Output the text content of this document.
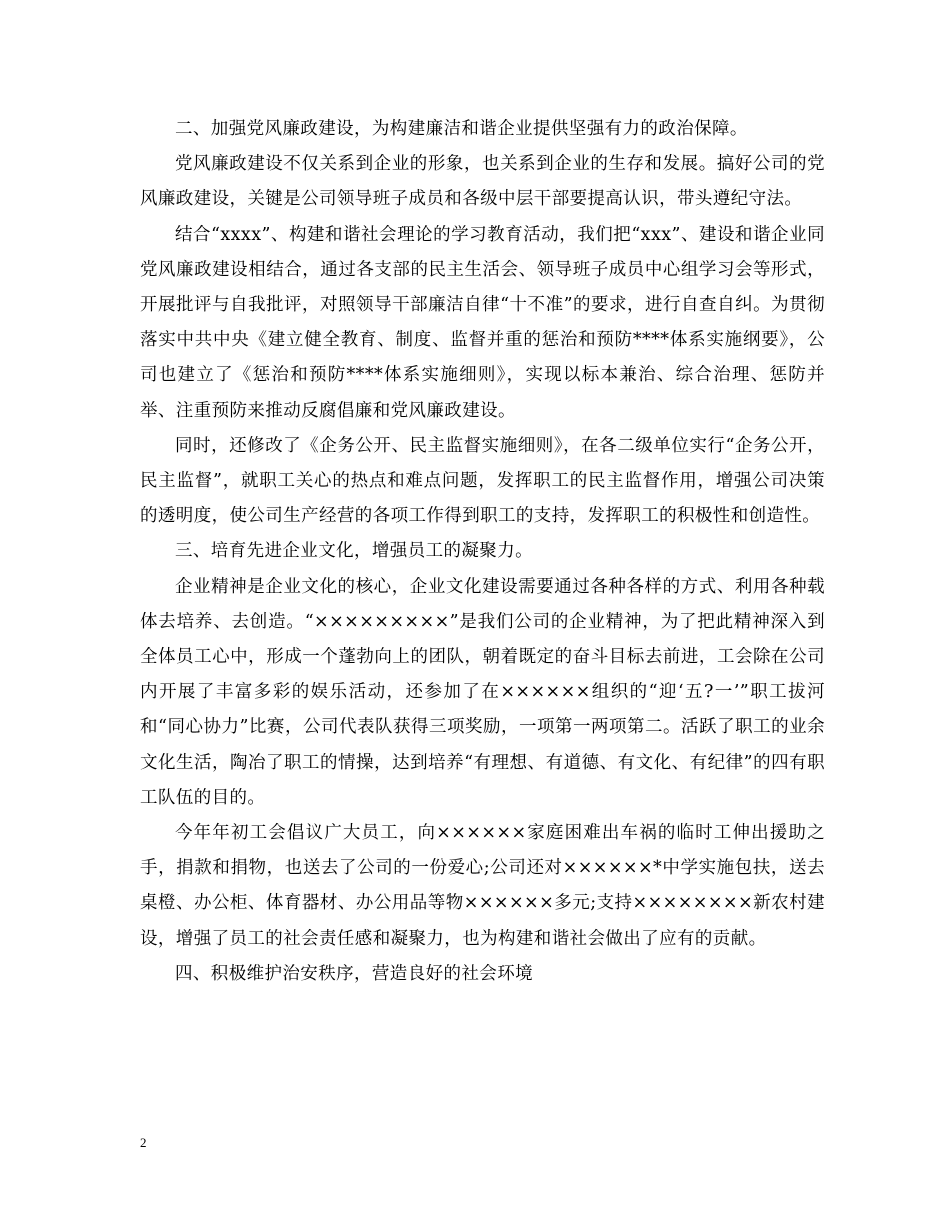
二、加强党风廉政建设，为构建廉洁和谐企业提供坚强有力的政治保障。

党风廉政建设不仅关系到企业的形象，也关系到企业的生存和发展。搞好公司的党风廉政建设，关键是公司领导班子成员和各级中层干部要提高认识，带头遵纪守法。

结合“xxxx”、构建和谐社会理论的学习教育活动，我们把“xxx”、建设和谐企业同党风廉政建设相结合，通过各支部的民主生活会、领导班子成员中心组学习会等形式，开展批评与自我批评，对照领导干部廉洁自律“十不准”的要求，进行自查自纠。为贯彻落实中共中央《建立健全教育、制度、监督并重的惩治和预防****体系实施纲要》，公司也建立了《惩治和预防****体系实施细则》，实现以标本兼治、综合治理、惩防并举、注重预防来推动反腐倡廉和党风廉政建设。

同时，还修改了《企务公开、民主监督实施细则》，在各二级单位实行“企务公开，民主监督”，就职工关心的热点和难点问题，发挥职工的民主监督作用，增强公司决策的透明度，使公司生产经营的各项工作得到职工的支持，发挥职工的积极性和创造性。

三、培育先进企业文化，增强员工的凝聚力。

企业精神是企业文化的核心，企业文化建设需要通过各种各样的方式、利用各种载体去培养、去创造。“×××××××××”是我们公司的企业精神，为了把此精神深入到全体员工心中，形成一个蓬勃向上的团队，朝着既定的奋斗目标去前进，工会除在公司内开展了丰富多彩的娱乐活动，还参加了在××××××组织的“迎‘五?一’”职工拔河和“同心协力”比赛，公司代表队获得三项奖励，一项第一两项第二。活跃了职工的业余文化生活，陶冶了职工的情操，达到培养“有理想、有道德、有文化、有纪律”的四有职工队伍的目的。

今年年初工会倡议广大员工，向××××××家庭困难出车祸的临时工伸出援助之手，捐款和捐物，也送去了公司的一份爱心;公司还对××××××*中学实施包扶，送去桌橙、办公柜、体育器材、办公用品等物××××××多元;支持××××××××新农村建设，增强了员工的社会责任感和凝聚力，也为构建和谐社会做出了应有的贡献。

四、积极维护治安秩序，营造良好的社会环境

2
